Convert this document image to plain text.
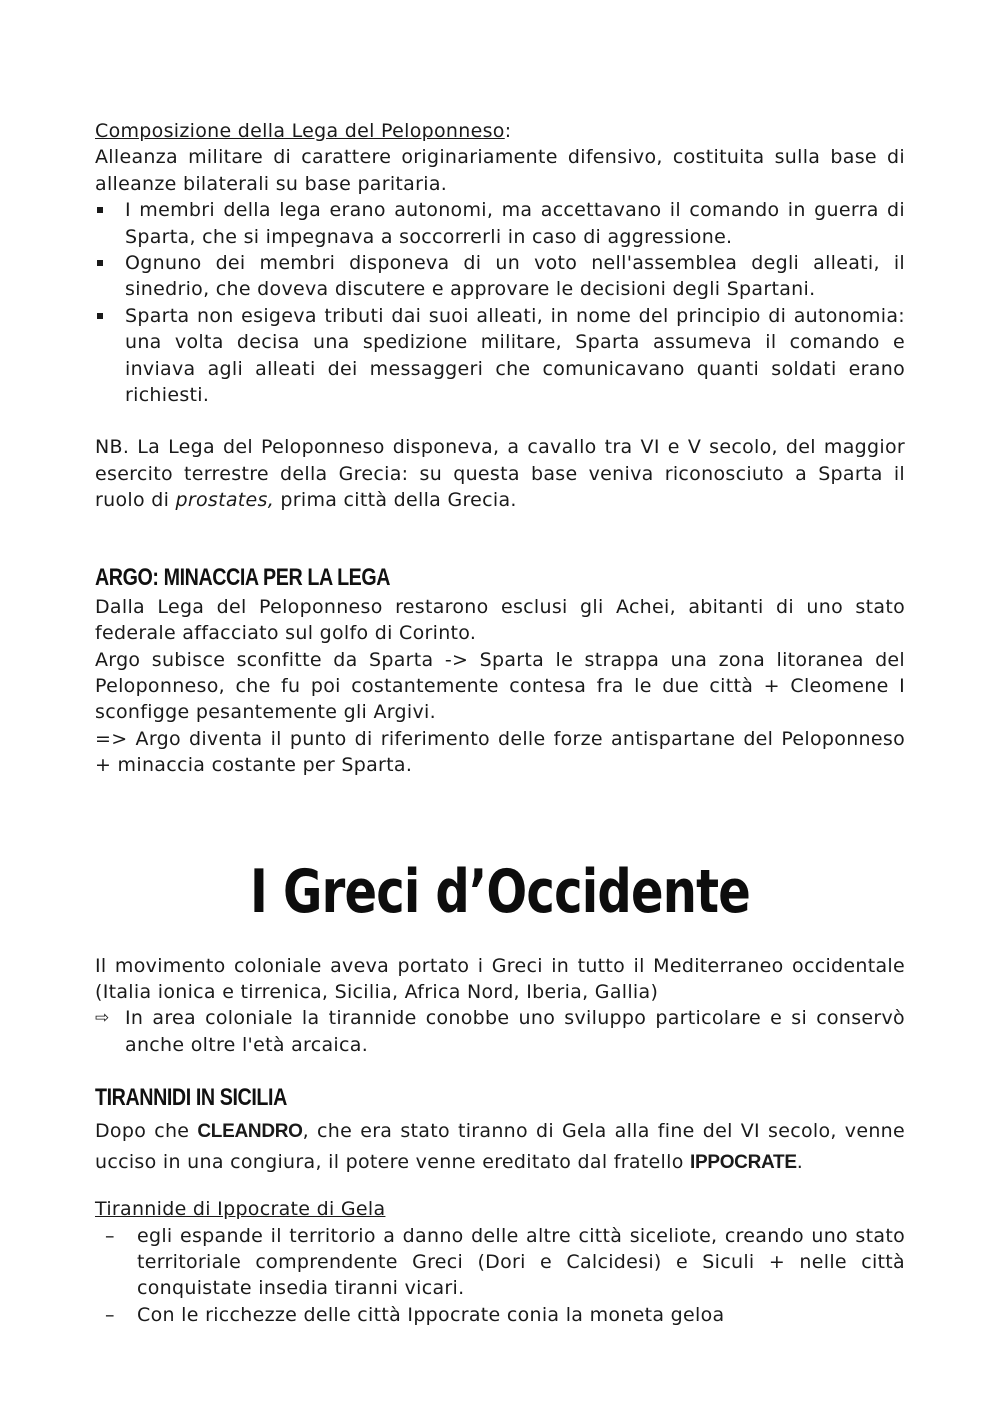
Composizione della Lega del Peloponneso:

Alleanza militare di carattere originariamente difensivo, costituita sulla base di alleanze bilaterali su base paritaria.

I membri della lega erano autonomi, ma accettavano il comando in guerra di Sparta, che si impegnava a soccorrerli in caso di aggressione.
Ognuno dei membri disponeva di un voto nell'assemblea degli alleati, il sinedrio, che doveva discutere e approvare le decisioni degli Spartani.
Sparta non esigeva tributi dai suoi alleati, in nome del principio di autonomia: una volta decisa una spedizione militare, Sparta assumeva il comando e inviava agli alleati dei messaggeri che comunicavano quanti soldati erano richiesti.

NB. La Lega del Peloponneso disponeva, a cavallo tra VI e V secolo, del maggior esercito terrestre della Grecia: su questa base veniva riconosciuto a Sparta il ruolo di prostates, prima città della Grecia.

ARGO: MINACCIA PER LA LEGA

Dalla Lega del Peloponneso restarono esclusi gli Achei, abitanti di uno stato federale affacciato sul golfo di Corinto.

Argo subisce sconfitte da Sparta -> Sparta le strappa una zona litoranea del Peloponneso, che fu poi costantemente contesa fra le due città + Cleomene I sconfigge pesantemente gli Argivi.

=> Argo diventa il punto di riferimento delle forze antispartane del Peloponneso + minaccia costante per Sparta.

I Greci d’Occidente

Il movimento coloniale aveva portato i Greci in tutto il Mediterraneo occidentale (Italia ionica e tirrenica, Sicilia, Africa Nord, Iberia, Gallia)

⇨ In area coloniale la tirannide conobbe uno sviluppo particolare e si conservò anche oltre l'età arcaica.
TIRANNIDI IN SICILIA

Dopo che CLEANDRO, che era stato tiranno di Gela alla fine del VI secolo, venne ucciso in una congiura, il potere venne ereditato dal fratello IPPOCRATE.

Tirannide di Ippocrate di Gela

– egli espande il territorio a danno delle altre città siceliote, creando uno stato territoriale comprendente Greci (Dori e Calcidesi) e Siculi + nelle città conquistate insedia tiranni vicari.
– Con le ricchezze delle città Ippocrate conia la moneta geloa
